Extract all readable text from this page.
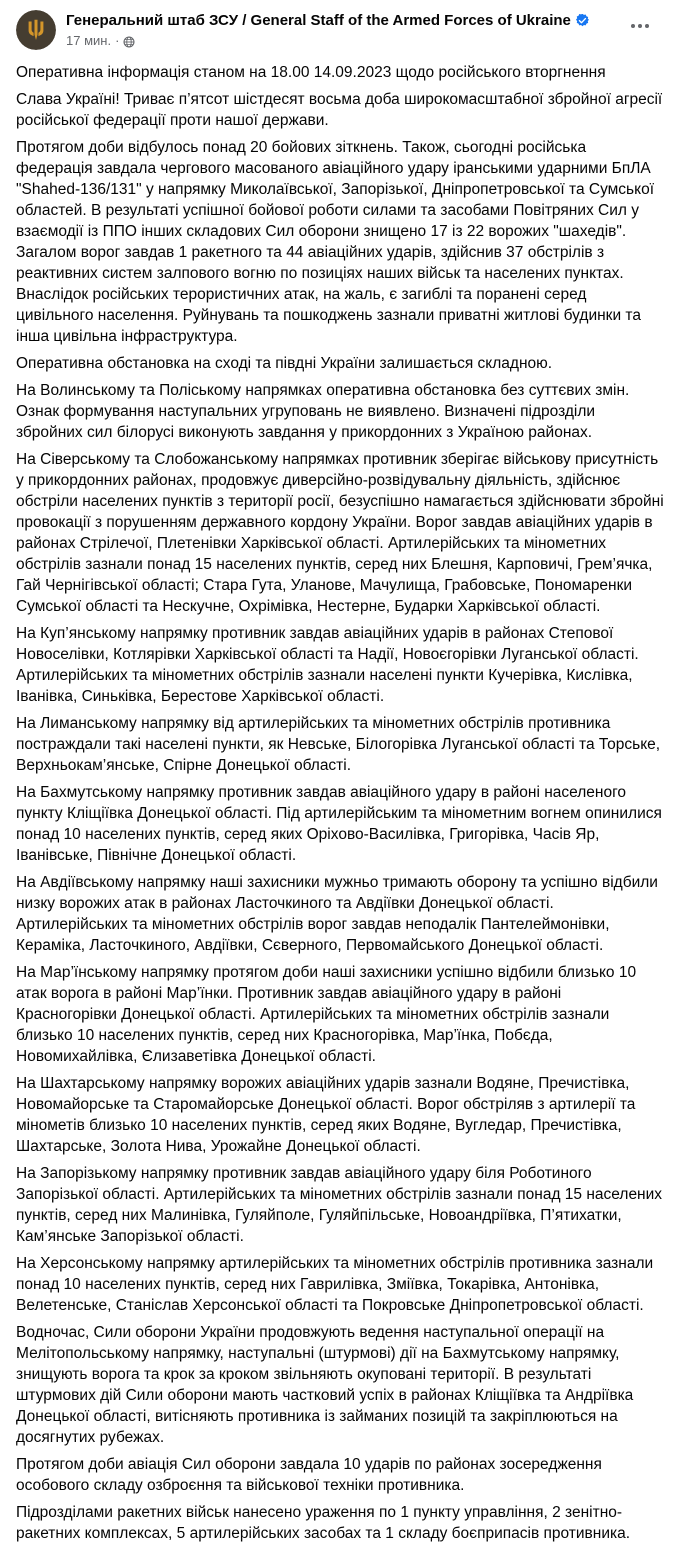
Генеральний штаб ЗСУ / General Staff of the Armed Forces of Ukraine
17 мин. ·

Оперативна інформація станом на 18.00 14.09.2023 щодо російського вторгнення

Слава Україні! Триває п’ятсот шістдесят восьма доба широкомасштабної збройної агресії російської федерації проти нашої держави.

Протягом доби відбулось понад 20 бойових зіткнень. Також, сьогодні російська федерація завдала чергового масованого авіаційного удару іранськими ударними БпЛА "Shahed-136/131" у напрямку Миколаївської, Запорізької, Дніпропетровської та Сумської областей. В результаті успішної бойової роботи силами та засобами Повітряних Сил у взаємодії із ППО інших складових Сил оборони знищено 17 із 22 ворожих "шахедів". Загалом ворог завдав 1 ракетного та 44 авіаційних ударів, здійснив 37 обстрілів з реактивних систем залпового вогню по позиціях наших військ та населених пунктах. Внаслідок російських терористичних атак, на жаль, є загиблі та поранені серед цивільного населення. Руйнувань та пошкоджень зазнали приватні житлові будинки та інша цивільна інфраструктура.

Оперативна обстановка на сході та півдні України залишається складною.

На Волинському та Поліському напрямках оперативна обстановка без суттєвих змін. Ознак формування наступальних угруповань не виявлено. Визначені підрозділи збройних сил білорусі виконують завдання у прикордонних з Україною районах.

На Сіверському та Слобожанському напрямках противник зберігає військову присутність у прикордонних районах, продовжує диверсійно-розвідувальну діяльність, здійснює обстріли населених пунктів з території росії, безуспішно намагається здійснювати збройні провокації з порушенням державного кордону України. Ворог завдав авіаційних ударів в районах Стрілечої, Плетенівки Харківської області. Артилерійських та мінометних обстрілів зазнали понад 15 населених пунктів, серед них Блешня, Карповичі, Грем’ячка, Гай Чернігівської області; Стара Гута, Уланове, Мачулища, Грабовське, Пономаренки Сумської області та Нескучне, Охрімівка, Нестерне, Бударки Харківської області.

На Куп’янському напрямку противник завдав авіаційних ударів в районах Степової Новоселівки, Котлярівки Харківської області та Надії, Новоєгорівки Луганської області. Артилерійських та мінометних обстрілів зазнали населені пункти Кучерівка, Кислівка, Іванівка, Синьківка, Берестове Харківської області.

На Лиманському напрямку від артилерійських та мінометних обстрілів противника постраждали такі населені пункти, як Невське, Білогорівка Луганської області та Торське, Верхньокам’янське, Спірне Донецької області.

На Бахмутському напрямку противник завдав авіаційного удару в районі населеного пункту Кліщіївка Донецької області. Під артилерійським та мінометним вогнем опинилися понад 10 населених пунктів, серед яких Оріхово-Василівка, Григорівка, Часів Яр, Іванівське, Північне Донецької області.

На Авдіївському напрямку наші захисники мужньо тримають оборону та успішно відбили низку ворожих атак в районах Ласточкиного та Авдіївки Донецької області. Артилерійських та мінометних обстрілів ворог завдав неподалік Пантелеймонівки, Кераміка, Ласточкиного, Авдіївки, Сєверного, Первомайського Донецької області.

На Мар’їнському напрямку протягом доби наші захисники успішно відбили близько 10 атак ворога в районі Мар’їнки. Противник завдав авіаційного удару в районі Красногорівки Донецької області. Артилерійських та мінометних обстрілів зазнали близько 10 населених пунктів, серед них Красногорівка, Мар’їнка, Побєда, Новомихайлівка, Єлизаветівка Донецької області.

На Шахтарському напрямку ворожих авіаційних ударів зазнали Водяне, Пречистівка, Новомайорське та Старомайорське Донецької області. Ворог обстріляв з артилерії та мінометів близько 10 населених пунктів, серед яких Водяне, Вугледар, Пречистівка, Шахтарське, Золота Нива, Урожайне Донецької області.

На Запорізькому напрямку противник завдав авіаційного удару біля Роботиного Запорізької області. Артилерійських та мінометних обстрілів зазнали понад 15 населених пунктів, серед них Малинівка, Гуляйполе, Гуляйпільське, Новоандріївка, П’ятихатки, Кам’янське Запорізької області.

На Херсонському напрямку артилерійських та мінометних обстрілів противника зазнали понад 10 населених пунктів, серед них Гаврилівка, Зміївка, Токарівка, Антонівка, Велетенське, Станіслав Херсонської області та Покровське Дніпропетровської області.

Водночас, Сили оборони України продовжують ведення наступальної операції на Мелітопольському напрямку, наступальні (штурмові) дії на Бахмутському напрямку, знищують ворога та крок за кроком звільняють окуповані території. В результаті штурмових дій Сили оборони мають частковий успіх в районах Кліщіївка та Андріївка Донецької області, витісняють противника із займаних позицій та закріплюються на досягнутих рубежах.

Протягом доби авіація Сил оборони завдала 10 ударів по районах зосередження особового складу озброєння та військової техніки противника.

Підрозділами ракетних військ нанесено ураження по 1 пункту управління, 2 зенітно-ракетних комплексах, 5 артилерійських засобах та 1 складу боєприпасів противника.
